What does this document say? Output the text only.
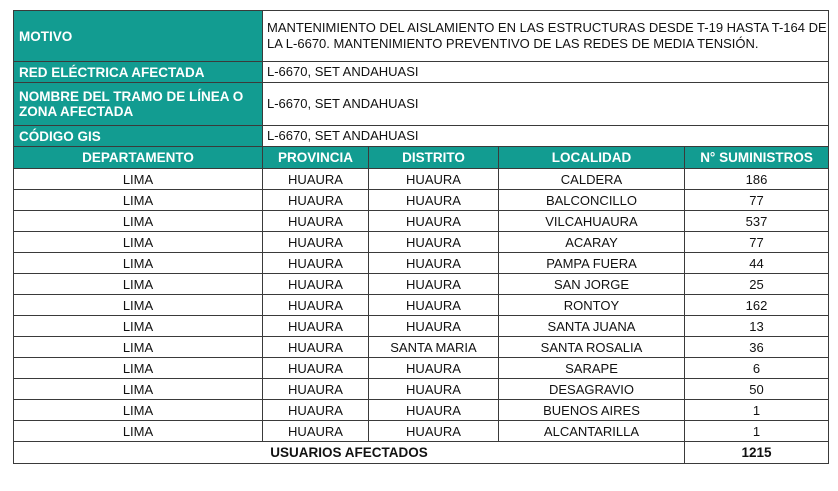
MOTIVO	MANTENIMIENTO DEL AISLAMIENTO EN LAS ESTRUCTURAS DESDE T-19 HASTA T-164 DE LA L-6670. MANTENIMIENTO PREVENTIVO DE LAS REDES DE MEDIA TENSIÓN.			
RED ELÉCTRICA AFECTADA	L-6670, SET ANDAHUASI			
NOMBRE DEL TRAMO DE LÍNEA O ZONA AFECTADA	L-6670, SET ANDAHUASI			
CÓDIGO GIS	L-6670, SET ANDAHUASI			
DEPARTAMENTO	PROVINCIA	DISTRITO	LOCALIDAD	N° SUMINISTROS
LIMA	HUAURA	HUAURA	CALDERA	186
LIMA	HUAURA	HUAURA	BALCONCILLO	77
LIMA	HUAURA	HUAURA	VILCAHUAURA	537
LIMA	HUAURA	HUAURA	ACARAY	77
LIMA	HUAURA	HUAURA	PAMPA FUERA	44
LIMA	HUAURA	HUAURA	SAN JORGE	25
LIMA	HUAURA	HUAURA	RONTOY	162
LIMA	HUAURA	HUAURA	SANTA JUANA	13
LIMA	HUAURA	SANTA MARIA	SANTA ROSALIA	36
LIMA	HUAURA	HUAURA	SARAPE	6
LIMA	HUAURA	HUAURA	DESAGRAVIO	50
LIMA	HUAURA	HUAURA	BUENOS AIRES	1
LIMA	HUAURA	HUAURA	ALCANTARILLA	1
USUARIOS AFECTADOS				1215
